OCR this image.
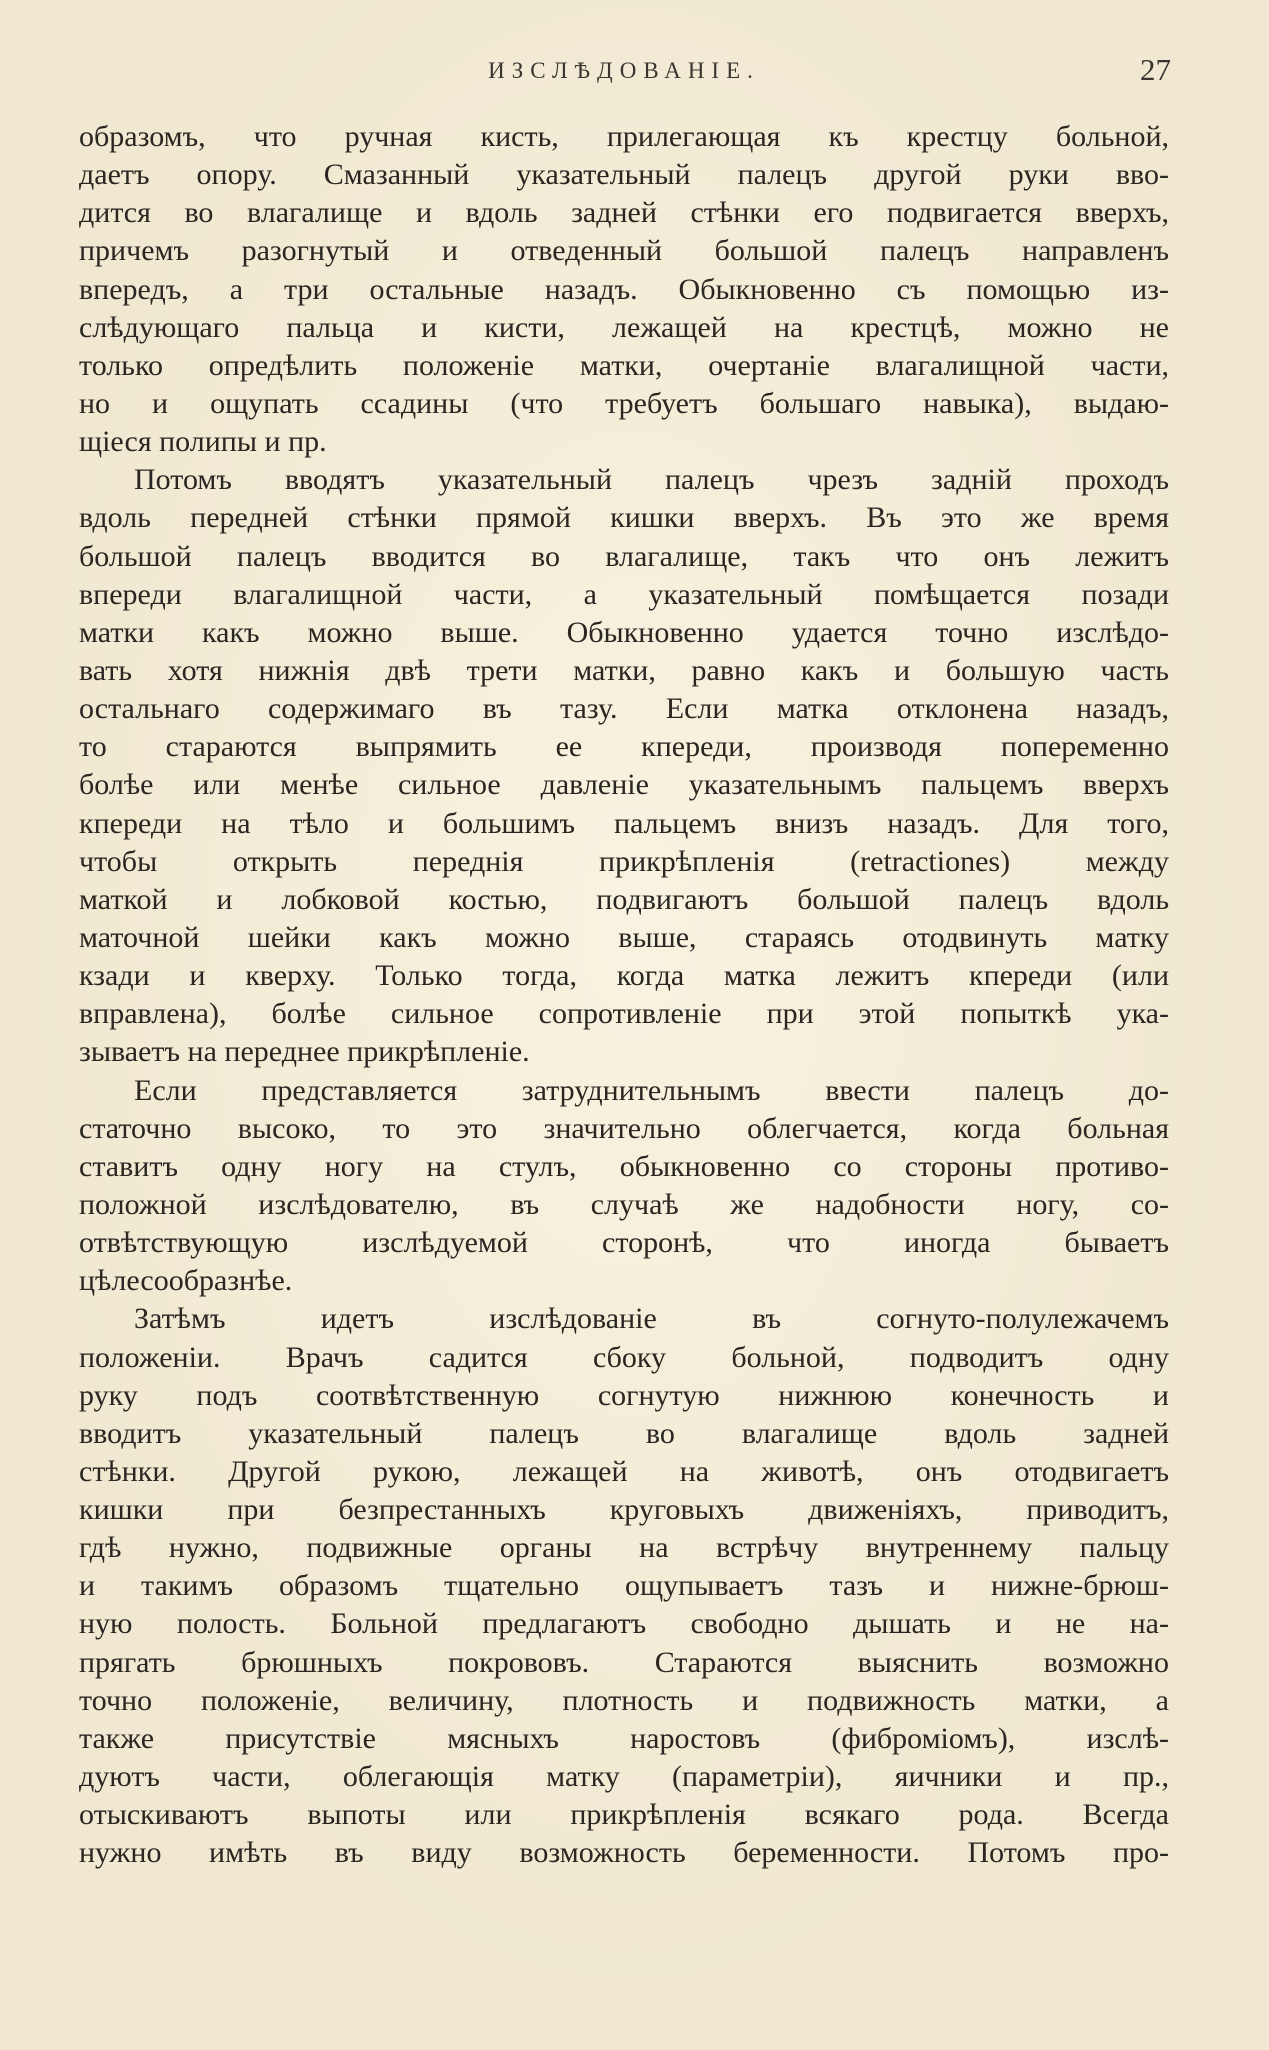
ИЗСЛѢДОВАНІЕ.	27
образомъ, что ручная кисть, прилегающая къ крестцу больной,
даетъ опору. Смазанный указательный палецъ другой руки вво-
дится во влагалище и вдоль задней стѣнки его подвигается вверхъ,
причемъ разогнутый и отведенный большой палецъ направленъ
впередъ, а три остальные назадъ. Обыкновенно съ помощью из-
слѣдующаго пальца и кисти, лежащей на крестцѣ, можно не
только опредѣлить положеніе матки, очертаніе влагалищной части,
но и ощупать ссадины (что требуетъ большаго навыка), выдаю-
щіеся полипы и пр.
Потомъ вводятъ указательный палецъ чрезъ задній проходъ
вдоль передней стѣнки прямой кишки вверхъ. Въ это же время
большой палецъ вводится во влагалище, такъ что онъ лежитъ
впереди влагалищной части, а указательный помѣщается позади
матки какъ можно выше. Обыкновенно удается точно изслѣдо-
вать хотя нижнія двѣ трети матки, равно какъ и большую часть
остальнаго содержимаго въ тазу. Если матка отклонена назадъ,
то стараются выпрямить ее кпереди, производя попеременно
болѣе или менѣе сильное давленіе указательнымъ пальцемъ вверхъ
кпереди на тѣло и большимъ пальцемъ внизъ назадъ. Для того,
чтобы открыть переднія прикрѣпленія (retractiones) между
маткой и лобковой костью, подвигаютъ большой палецъ вдоль
маточной шейки какъ можно выше, стараясь отодвинуть матку
кзади и кверху. Только тогда, когда матка лежитъ кпереди (или
вправлена), болѣе сильное сопротивленіе при этой попыткѣ ука-
зываетъ на переднее прикрѣпленіе.
Если представляется затруднительнымъ ввести палецъ до-
статочно высоко, то это значительно облегчается, когда больная
ставитъ одну ногу на стулъ, обыкновенно со стороны противо-
положной изслѣдователю, въ случаѣ же надобности ногу, со-
отвѣтствующую изслѣдуемой сторонѣ, что иногда бываетъ
цѣлесообразнѣе.
Затѣмъ идетъ изслѣдованіе въ согнуто-полулежачемъ
положеніи. Врачъ садится сбоку больной, подводитъ одну
руку подъ соотвѣтственную согнутую нижнюю конечность и
вводитъ указательный палецъ во влагалище вдоль задней
стѣнки. Другой рукою, лежащей на животѣ, онъ отодвигаетъ
кишки при безпрестанныхъ круговыхъ движеніяхъ, приводитъ,
гдѣ нужно, подвижные органы на встрѣчу внутреннему пальцу
и такимъ образомъ тщательно ощупываетъ тазъ и нижне-брюш-
ную полость. Больной предлагаютъ свободно дышать и не на-
прягать брюшныхъ покрововъ. Стараются выяснить возможно
точно положеніе, величину, плотность и подвижность матки, а
также присутствіе мясныхъ наростовъ (фиброміомъ), изслѣ-
дуютъ части, облегающія матку (параметріи), яичники и пр.,
отыскиваютъ выпоты или прикрѣпленія всякаго рода. Всегда
нужно имѣть въ виду возможность беременности. Потомъ про-
